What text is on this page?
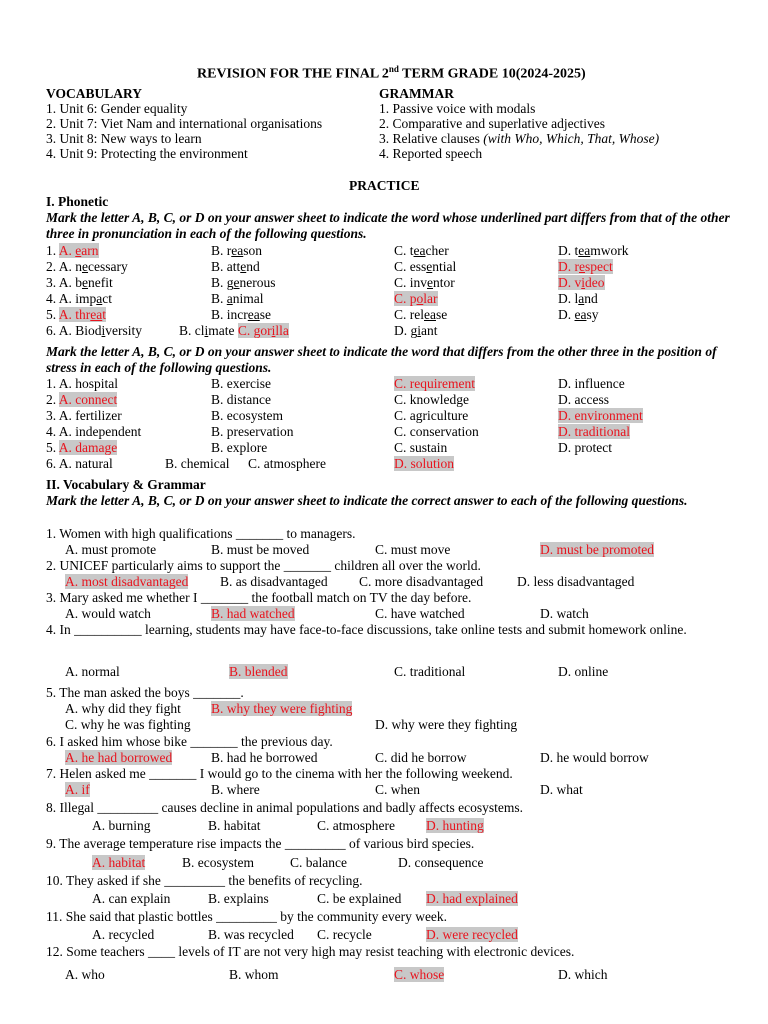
REVISION FOR THE FINAL 2nd TERM GRADE 10(2024-2025)
VOCABULARY
1. Unit 6: Gender equality
2. Unit 7: Viet Nam and international organisations
3. Unit 8: New ways to learn
4. Unit 9: Protecting the environment
GRAMMAR
1. Passive voice with modals
2. Comparative and superlative adjectives
3. Relative clauses (with Who, Which, That, Whose)
4. Reported speech
PRACTICE
I. Phonetic
Mark the letter A, B, C, or D on your answer sheet to indicate the word whose underlined part differs from that of the other three in pronunciation in each of the following questions.
1. A. earn	B. reason	C. teacher	D. teamwork
2. A. necessary	B. attend	C. essential	D. respect
3. A. benefit	B. generous	C. inventor	D. video
4. A. impact	B. animal	C. polar	D. land
5. A. threat	B. increase	C. release	D. easy
6. A. Biodiversity	B. climate C. gorilla	D. giant
Mark the letter A, B, C, or D on your answer sheet to indicate the word that differs from the other three in the position of stress in each of the following questions.
1. A. hospital	B. exercise	C. requirement	D. influence
2. A. connect	B. distance	C. knowledge	D. access
3. A. fertilizer	B. ecosystem	C. agriculture	D. environment
4. A. independent	B. preservation	C. conservation	D. traditional
5. A. damage	B. explore	C. sustain	D. protect
6. A. natural	B. chemical C. atmosphere	D. solution
II. Vocabulary & Grammar
Mark the letter A, B, C, or D on your answer sheet to indicate the correct answer to each of the following questions.
1. Women with high qualifications _______ to managers.
A. must promote	B. must be moved	C. must move	D. must be promoted
2. UNICEF particularly aims to support the _______ children all over the world.
A. most disadvantaged B. as disadvantaged C. more disadvantaged	D. less disadvantaged
3. Mary asked me whether I _______ the football match on TV the day before.
A. would watch	B. had watched	C. have watched	D. watch
4. In __________ learning, students may have face-to-face discussions, take online tests and submit homework online.
A. normal	B. blended	C. traditional	D. online
5. The man asked the boys _______.
A. why did they fight B. why they were fighting
C. why he was fighting	D. why were they fighting
6. I asked him whose bike _______ the previous day.
A. he had borrowed	B. had he borrowed	C. did he borrow	D. he would borrow
7. Helen asked me _______ I would go to the cinema with her the following weekend.
A. if	B. where	C. when	D. what
8. Illegal _________ causes decline in animal populations and badly affects ecosystems.
A. burning	B. habitat	C. atmosphere D. hunting
9. The average temperature rise impacts the _________ of various bird species.
A. habitat	B. ecosystem	C. balance	D. consequence
10. They asked if she _________ the benefits of recycling.
A. can explain	B. explains	C. be explained D. had explained
11. She said that plastic bottles _________ by the community every week.
A. recycled	B. was recycled C. recycle	D. were recycled
12. Some teachers ____ levels of IT are not very high may resist teaching with electronic devices.
A. who	B. whom	C. whose	D. which
